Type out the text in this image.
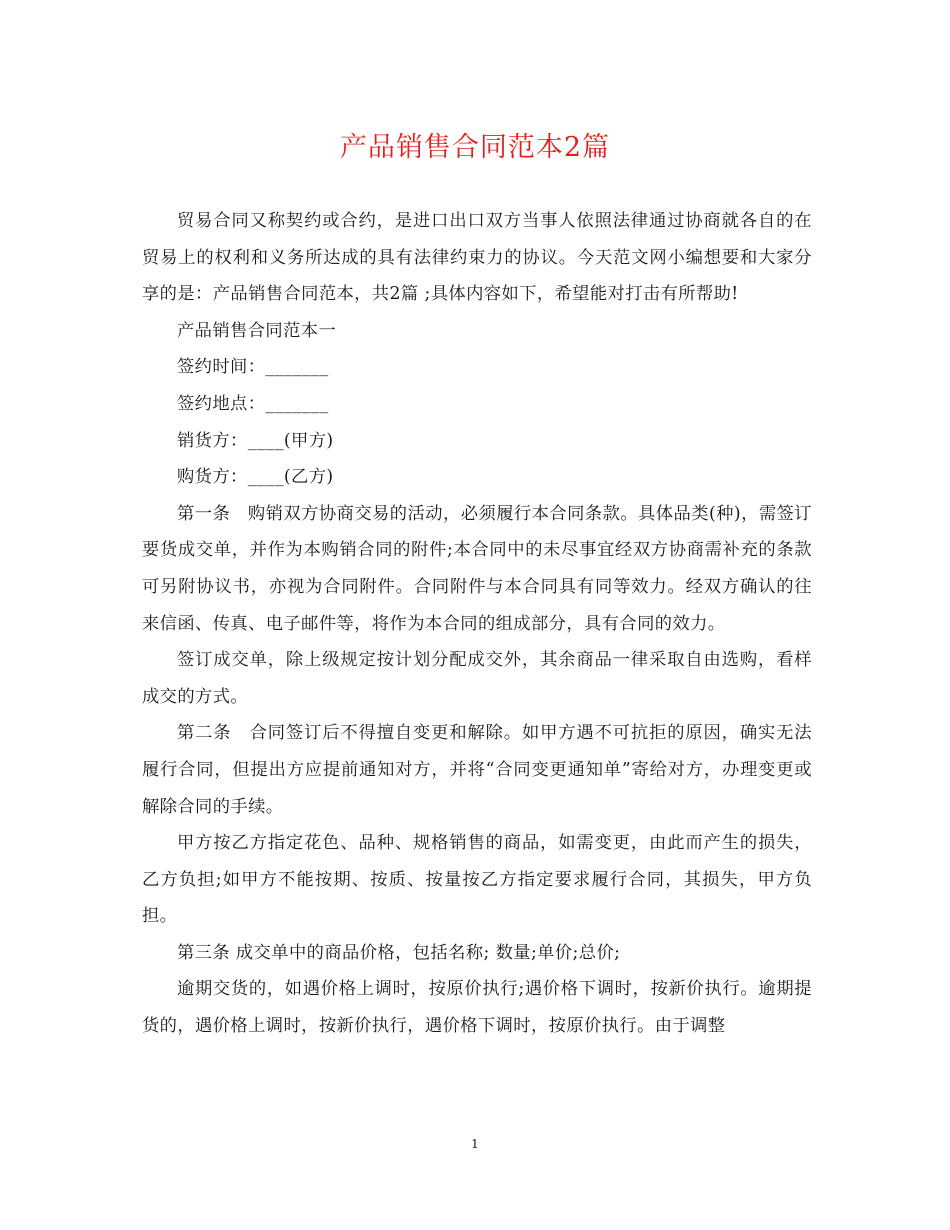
产品销售合同范本2篇

贸易合同又称契约或合约，是进口出口双方当事人依照法律通过协商就各自的在贸易上的权利和义务所达成的具有法律约束力的协议。今天范文网小编想要和大家分享的是：产品销售合同范本，共2篇 ;具体内容如下，希望能对打击有所帮助!

产品销售合同范本一

签约时间：_______

签约地点：_______

销货方：____(甲方)

购货方：____(乙方)

第一条　购销双方协商交易的活动，必须履行本合同条款。具体品类(种)，需签订要货成交单，并作为本购销合同的附件;本合同中的未尽事宜经双方协商需补充的条款可另附协议书，亦视为合同附件。合同附件与本合同具有同等效力。经双方确认的往来信函、传真、电子邮件等，将作为本合同的组成部分，具有合同的效力。

签订成交单，除上级规定按计划分配成交外，其余商品一律采取自由选购，看样成交的方式。

第二条　合同签订后不得擅自变更和解除。如甲方遇不可抗拒的原因，确实无法履行合同，但提出方应提前通知对方，并将“合同变更通知单”寄给对方，办理变更或解除合同的手续。

甲方按乙方指定花色、品种、规格销售的商品，如需变更，由此而产生的损失，乙方负担;如甲方不能按期、按质、按量按乙方指定要求履行合同，其损失，甲方负担。

第三条 成交单中的商品价格，包括名称; 数量;单价;总价;

逾期交货的，如遇价格上调时，按原价执行;遇价格下调时，按新价执行。逾期提货的，遇价格上调时，按新价执行，遇价格下调时，按原价执行。由于调整

1
